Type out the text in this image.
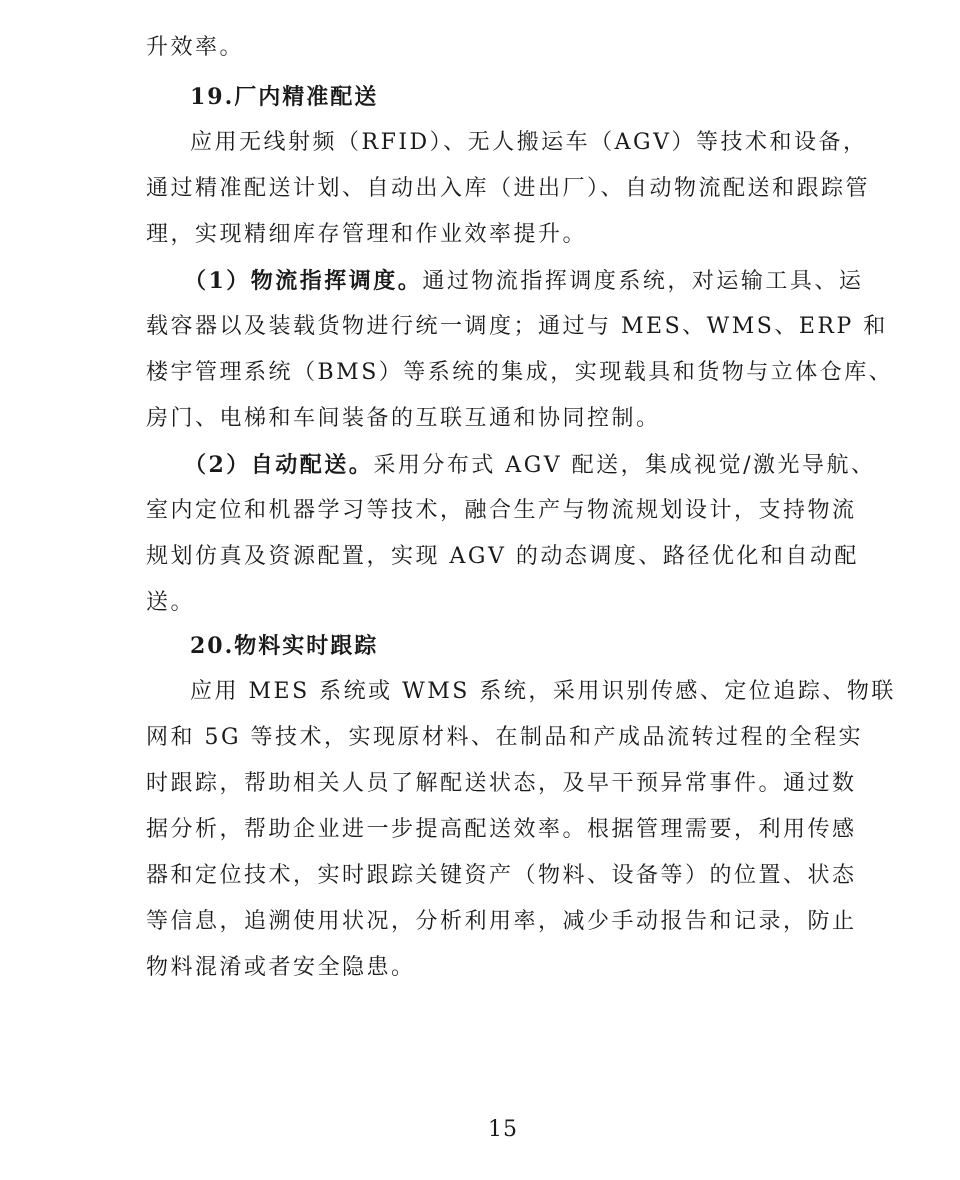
升效率。
19.厂内精准配送
应用无线射频（RFID）、无人搬运车（AGV）等技术和设备，
通过精准配送计划、自动出入库（进出厂）、自动物流配送和跟踪管
理，实现精细库存管理和作业效率提升。
（1）物流指挥调度。通过物流指挥调度系统，对运输工具、运
载容器以及装载货物进行统一调度；通过与 MES、WMS、ERP 和
楼宇管理系统（BMS）等系统的集成，实现载具和货物与立体仓库、
房门、电梯和车间装备的互联互通和协同控制。
（2）自动配送。采用分布式 AGV 配送，集成视觉/激光导航、
室内定位和机器学习等技术，融合生产与物流规划设计，支持物流
规划仿真及资源配置，实现 AGV 的动态调度、路径优化和自动配
送。
20.物料实时跟踪
应用 MES 系统或 WMS 系统，采用识别传感、定位追踪、物联
网和 5G 等技术，实现原材料、在制品和产成品流转过程的全程实
时跟踪，帮助相关人员了解配送状态，及早干预异常事件。通过数
据分析，帮助企业进一步提高配送效率。根据管理需要，利用传感
器和定位技术，实时跟踪关键资产（物料、设备等）的位置、状态
等信息，追溯使用状况，分析利用率，减少手动报告和记录，防止
物料混淆或者安全隐患。
15
